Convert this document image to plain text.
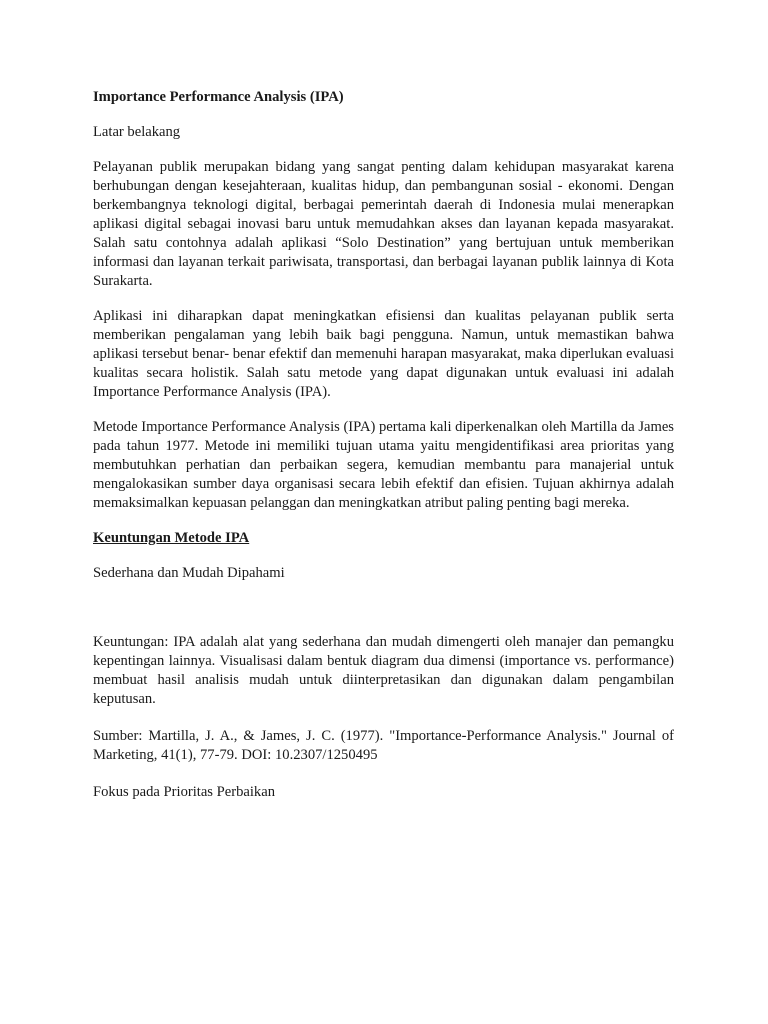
Importance Performance Analysis (IPA)

Latar belakang

Pelayanan publik merupakan bidang yang sangat penting dalam kehidupan masyarakat karena berhubungan dengan kesejahteraan, kualitas hidup, dan pembangunan sosial - ekonomi. Dengan berkembangnya teknologi digital, berbagai pemerintah daerah di Indonesia mulai menerapkan aplikasi digital sebagai inovasi baru untuk memudahkan akses dan layanan kepada masyarakat. Salah satu contohnya adalah aplikasi “Solo Destination” yang bertujuan untuk memberikan informasi dan layanan terkait pariwisata, transportasi, dan berbagai layanan publik lainnya di Kota Surakarta.

Aplikasi ini diharapkan dapat meningkatkan efisiensi dan kualitas pelayanan publik serta memberikan pengalaman yang lebih baik bagi pengguna. Namun, untuk memastikan bahwa aplikasi tersebut benar- benar efektif dan memenuhi harapan masyarakat, maka diperlukan evaluasi kualitas secara holistik. Salah satu metode yang dapat digunakan untuk evaluasi ini adalah Importance Performance Analysis (IPA).

Metode Importance Performance Analysis (IPA) pertama kali diperkenalkan oleh Martilla da James pada tahun 1977. Metode ini memiliki tujuan utama yaitu mengidentifikasi area prioritas yang membutuhkan perhatian dan perbaikan segera, kemudian membantu para manajerial untuk mengalokasikan sumber daya organisasi secara lebih efektif dan efisien. Tujuan akhirnya adalah memaksimalkan kepuasan pelanggan dan meningkatkan atribut paling penting bagi mereka.

Keuntungan Metode IPA

Sederhana dan Mudah Dipahami

Keuntungan: IPA adalah alat yang sederhana dan mudah dimengerti oleh manajer dan pemangku kepentingan lainnya. Visualisasi dalam bentuk diagram dua dimensi (importance vs. performance) membuat hasil analisis mudah untuk diinterpretasikan dan digunakan dalam pengambilan keputusan.

Sumber: Martilla, J. A., & James, J. C. (1977). "Importance-Performance Analysis." Journal of Marketing, 41(1), 77-79. DOI: 10.2307/1250495

Fokus pada Prioritas Perbaikan
